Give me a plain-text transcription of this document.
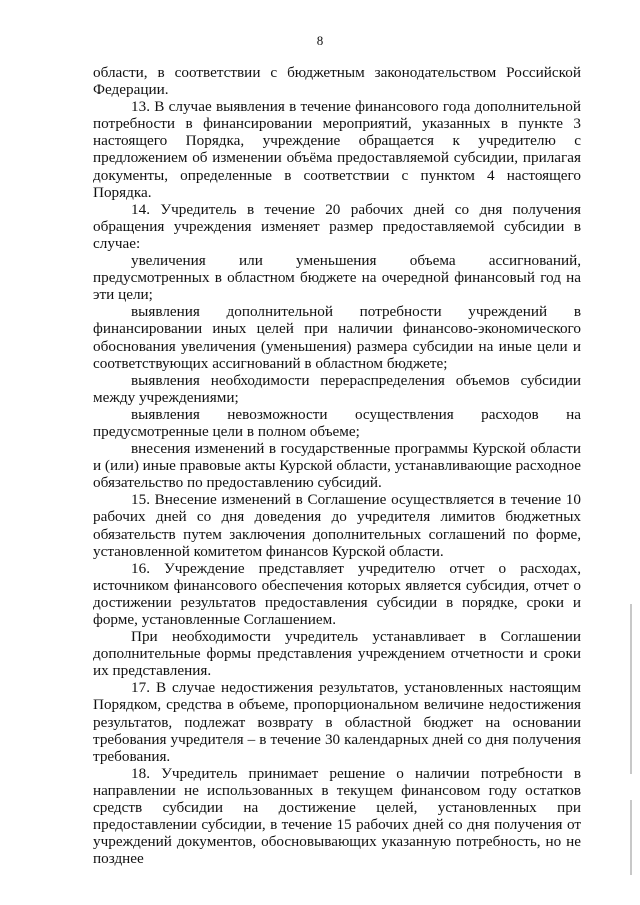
8

области, в соответствии с бюджетным законодательством Российской Федерации.

13. В случае выявления в течение финансового года дополнительной потребности в финансировании мероприятий, указанных в пункте 3 настоящего Порядка, учреждение обращается к учредителю с предложением об изменении объёма предоставляемой субсидии, прилагая документы, определенные в соответствии с пунктом 4 настоящего Порядка.

14. Учредитель в течение 20 рабочих дней со дня получения обращения учреждения изменяет размер предоставляемой субсидии в случае:

увеличения или уменьшения объема ассигнований, предусмотренных в областном бюджете на очередной финансовый год на эти цели;

выявления дополнительной потребности учреждений в финансировании иных целей при наличии финансово-экономического обоснования увеличения (уменьшения) размера субсидии на иные цели и соответствующих ассигнований в областном бюджете;

выявления необходимости перераспределения объемов субсидии между учреждениями;

выявления невозможности осуществления расходов на предусмотренные цели в полном объеме;

внесения изменений в государственные программы Курской области и (или) иные правовые акты Курской области, устанавливающие расходное обязательство по предоставлению субсидий.

15. Внесение изменений в Соглашение осуществляется в течение 10 рабочих дней со дня доведения до учредителя лимитов бюджетных обязательств путем заключения дополнительных соглашений по форме, установленной комитетом финансов Курской области.

16. Учреждение представляет учредителю отчет о расходах, источником финансового обеспечения которых является субсидия, отчет о достижении результатов предоставления субсидии в порядке, сроки и форме, установленные Соглашением.

При необходимости учредитель устанавливает в Соглашении дополнительные формы представления учреждением отчетности и сроки их представления.

17. В случае недостижения результатов, установленных настоящим Порядком, средства в объеме, пропорциональном величине недостижения результатов, подлежат возврату в областной бюджет на основании требования учредителя – в течение 30 календарных дней со дня получения требования.

18. Учредитель принимает решение о наличии потребности в направлении не использованных в текущем финансовом году остатков средств субсидии на достижение целей, установленных при предоставлении субсидии, в течение 15 рабочих дней со дня получения от учреждений документов, обосновывающих указанную потребность, но не позднее
